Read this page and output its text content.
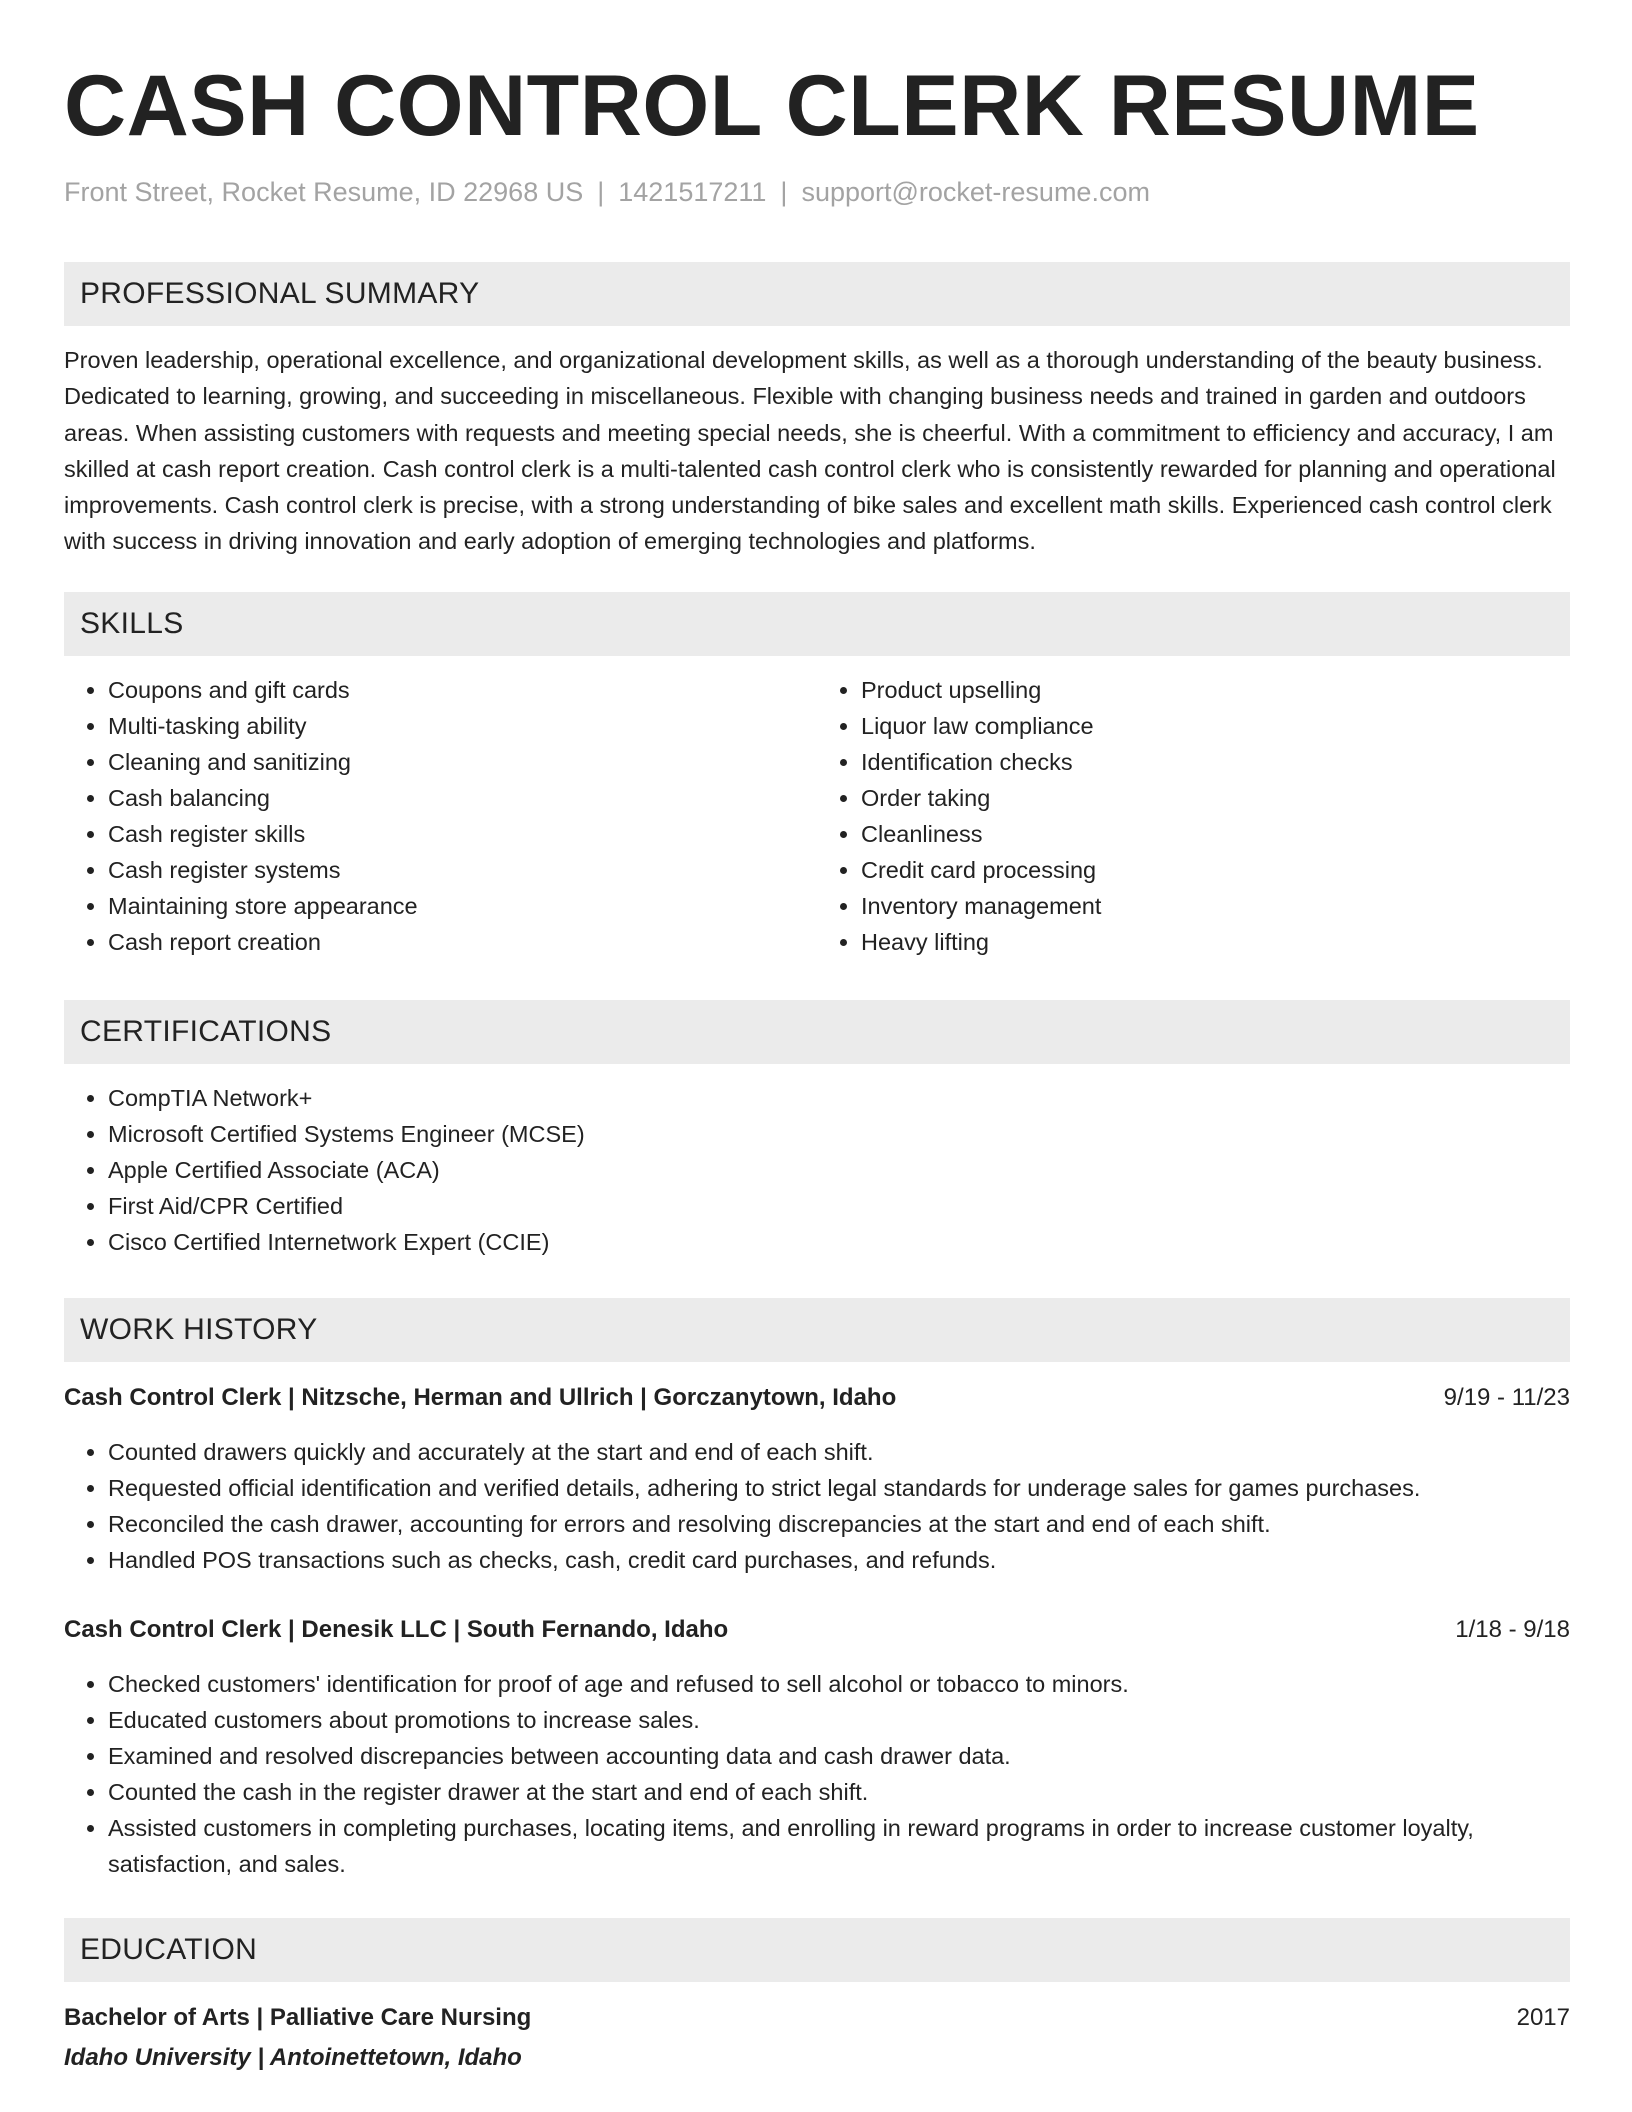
CASH CONTROL CLERK RESUME
Front Street, Rocket Resume, ID 22968 US | 1421517211 | support@rocket-resume.com
PROFESSIONAL SUMMARY
Proven leadership, operational excellence, and organizational development skills, as well as a thorough understanding of the beauty business. Dedicated to learning, growing, and succeeding in miscellaneous. Flexible with changing business needs and trained in garden and outdoors areas. When assisting customers with requests and meeting special needs, she is cheerful. With a commitment to efficiency and accuracy, I am skilled at cash report creation. Cash control clerk is a multi-talented cash control clerk who is consistently rewarded for planning and operational improvements. Cash control clerk is precise, with a strong understanding of bike sales and excellent math skills. Experienced cash control clerk with success in driving innovation and early adoption of emerging technologies and platforms.
SKILLS
• Coupons and gift cards
• Multi-tasking ability
• Cleaning and sanitizing
• Cash balancing
• Cash register skills
• Cash register systems
• Maintaining store appearance
• Cash report creation
• Product upselling
• Liquor law compliance
• Identification checks
• Order taking
• Cleanliness
• Credit card processing
• Inventory management
• Heavy lifting
CERTIFICATIONS
• CompTIA Network+
• Microsoft Certified Systems Engineer (MCSE)
• Apple Certified Associate (ACA)
• First Aid/CPR Certified
• Cisco Certified Internetwork Expert (CCIE)
WORK HISTORY
Cash Control Clerk | Nitzsche, Herman and Ullrich | Gorczanytown, Idaho	9/19 - 11/23
• Counted drawers quickly and accurately at the start and end of each shift.
• Requested official identification and verified details, adhering to strict legal standards for underage sales for games purchases.
• Reconciled the cash drawer, accounting for errors and resolving discrepancies at the start and end of each shift.
• Handled POS transactions such as checks, cash, credit card purchases, and refunds.
Cash Control Clerk | Denesik LLC | South Fernando, Idaho	1/18 - 9/18
• Checked customers' identification for proof of age and refused to sell alcohol or tobacco to minors.
• Educated customers about promotions to increase sales.
• Examined and resolved discrepancies between accounting data and cash drawer data.
• Counted the cash in the register drawer at the start and end of each shift.
• Assisted customers in completing purchases, locating items, and enrolling in reward programs in order to increase customer loyalty, satisfaction, and sales.
EDUCATION
Bachelor of Arts | Palliative Care Nursing	2017
Idaho University | Antoinettetown, Idaho
